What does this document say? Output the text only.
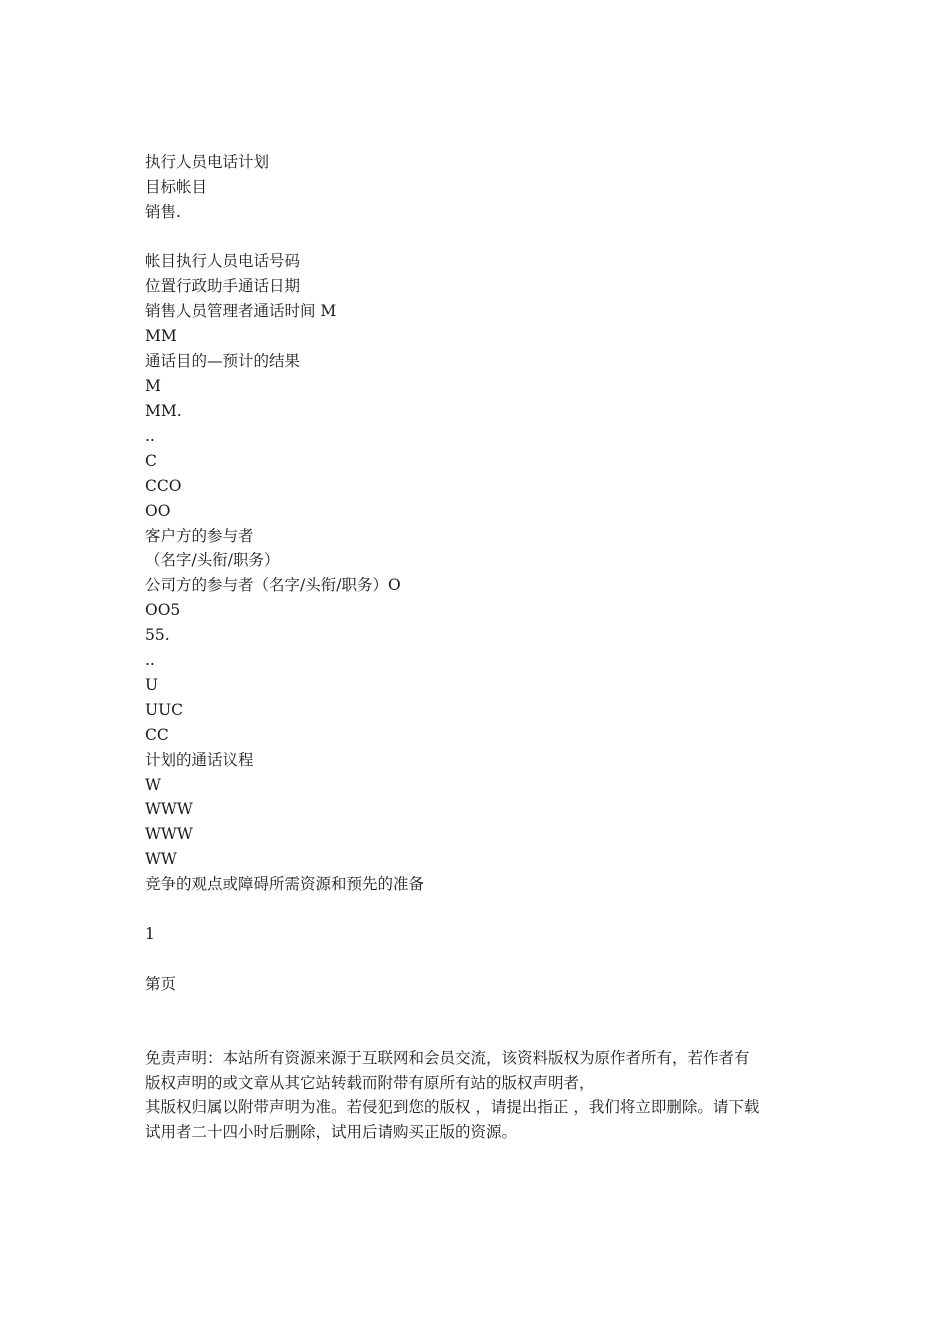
执行人员电话计划
目标帐目
销售.
帐目执行人员电话号码
位置行政助手通话日期
销售人员管理者通话时间 M
MM
通话目的—预计的结果
M
MM.
..
C
CCO
OO
客户方的参与者
（名字/头衔/职务）
公司方的参与者（名字/头衔/职务）O
OO5
55.
..
U
UUC
CC
计划的通话议程
W
WWW
WWW
WW
竞争的观点或障碍所需资源和预先的准备
1
第页
免责声明：本站所有资源来源于互联网和会员交流，该资料版权为原作者所有，若作者有
版权声明的或文章从其它站转载而附带有原所有站的版权声明者，
其版权归属以附带声明为准。若侵犯到您的版权 ，请提出指正 ，我们将立即删除。请下载
试用者二十四小时后删除，试用后请购买正版的资源。
